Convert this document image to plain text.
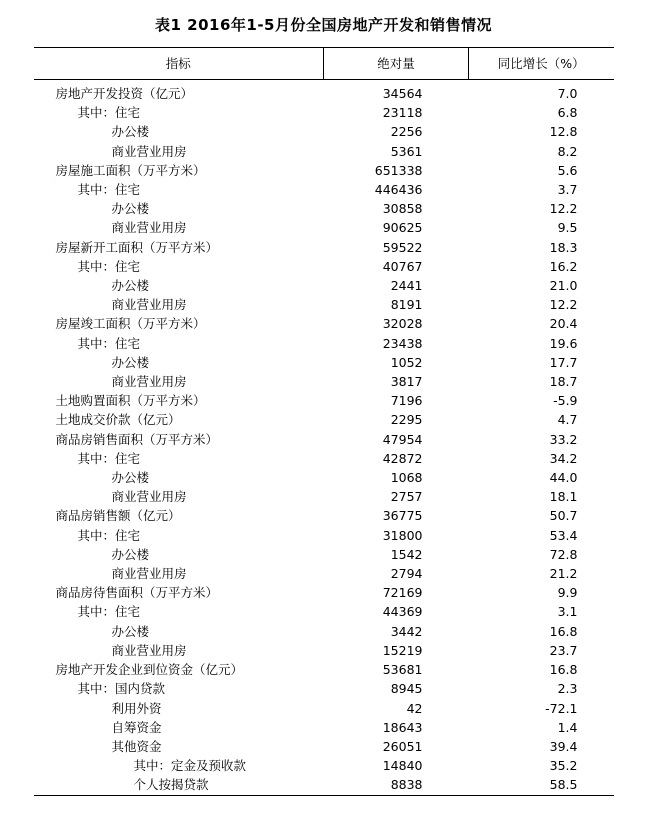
表1 2016年1-5月份全国房地产开发和销售情况
指标	绝对量	同比增长（%）

房地产开发投资（亿元）	34564	7.0
其中：住宅	23118	6.8
办公楼	2256	12.8
商业营业用房	5361	8.2
房屋施工面积（万平方米）	651338	5.6
其中：住宅	446436	3.7
办公楼	30858	12.2
商业营业用房	90625	9.5
房屋新开工面积（万平方米）	59522	18.3
其中：住宅	40767	16.2
办公楼	2441	21.0
商业营业用房	8191	12.2
房屋竣工面积（万平方米）	32028	20.4
其中：住宅	23438	19.6
办公楼	1052	17.7
商业营业用房	3817	18.7
土地购置面积（万平方米）	7196	-5.9
土地成交价款（亿元）	2295	4.7
商品房销售面积（万平方米）	47954	33.2
其中：住宅	42872	34.2
办公楼	1068	44.0
商业营业用房	2757	18.1
商品房销售额（亿元）	36775	50.7
其中：住宅	31800	53.4
办公楼	1542	72.8
商业营业用房	2794	21.2
商品房待售面积（万平方米）	72169	9.9
其中：住宅	44369	3.1
办公楼	3442	16.8
商业营业用房	15219	23.7
房地产开发企业到位资金（亿元）	53681	16.8
其中：国内贷款	8945	2.3
利用外资	42	-72.1
自筹资金	18643	1.4
其他资金	26051	39.4
其中：定金及预收款	14840	35.2
个人按揭贷款	8838	58.5
